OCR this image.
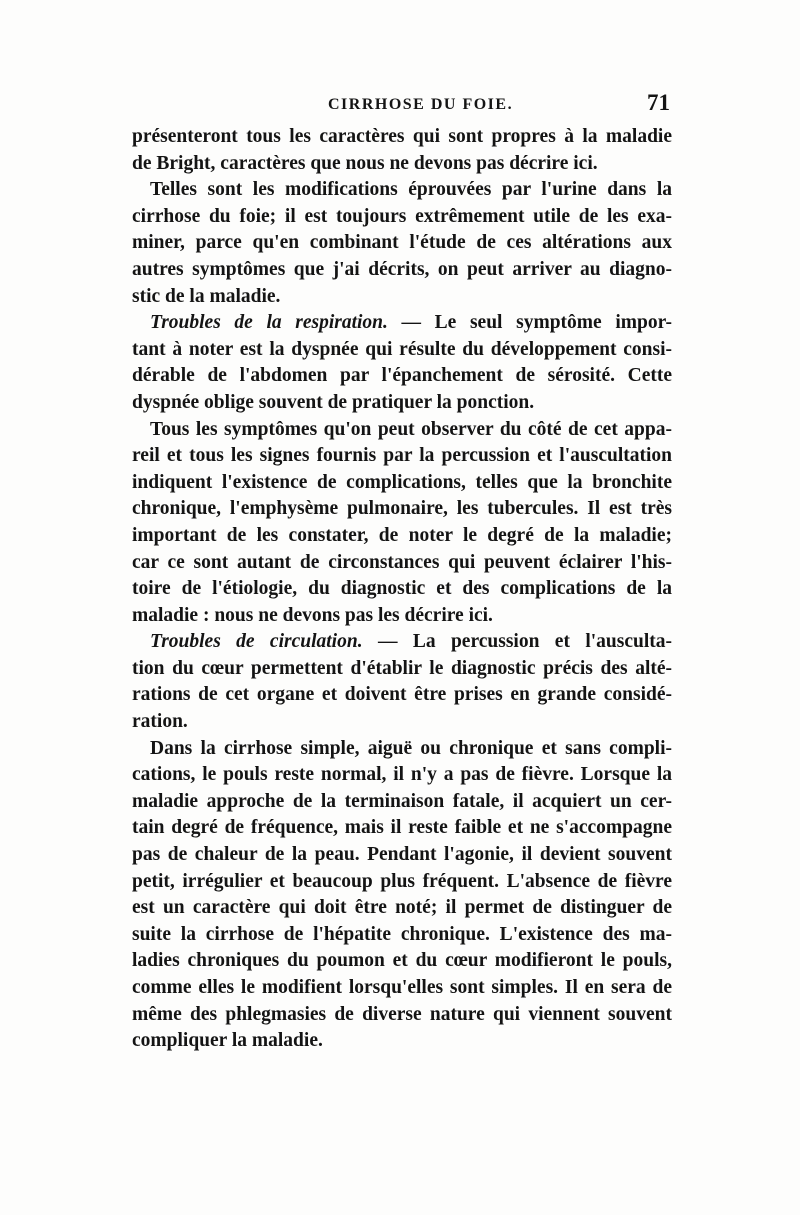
CIRRHOSE DU FOIE.	71
présenteront tous les caractères qui sont propres à la maladie
de Bright, caractères que nous ne devons pas décrire ici.
Telles sont les modifications éprouvées par l'urine dans la
cirrhose du foie; il est toujours extrêmement utile de les exa-
miner, parce qu'en combinant l'étude de ces altérations aux
autres symptômes que j'ai décrits, on peut arriver au diagno-
stic de la maladie.
Troubles de la respiration. — Le seul symptôme impor-
tant à noter est la dyspnée qui résulte du développement consi-
dérable de l'abdomen par l'épanchement de sérosité. Cette
dyspnée oblige souvent de pratiquer la ponction.
Tous les symptômes qu'on peut observer du côté de cet appa-
reil et tous les signes fournis par la percussion et l'auscultation
indiquent l'existence de complications, telles que la bronchite
chronique, l'emphysème pulmonaire, les tubercules. Il est très
important de les constater, de noter le degré de la maladie;
car ce sont autant de circonstances qui peuvent éclairer l'his-
toire de l'étiologie, du diagnostic et des complications de la
maladie : nous ne devons pas les décrire ici.
Troubles de circulation. — La percussion et l'ausculta-
tion du cœur permettent d'établir le diagnostic précis des alté-
rations de cet organe et doivent être prises en grande considé-
ration.
Dans la cirrhose simple, aiguë ou chronique et sans compli-
cations, le pouls reste normal, il n'y a pas de fièvre. Lorsque la
maladie approche de la terminaison fatale, il acquiert un cer-
tain degré de fréquence, mais il reste faible et ne s'accompagne
pas de chaleur de la peau. Pendant l'agonie, il devient souvent
petit, irrégulier et beaucoup plus fréquent. L'absence de fièvre
est un caractère qui doit être noté; il permet de distinguer de
suite la cirrhose de l'hépatite chronique. L'existence des ma-
ladies chroniques du poumon et du cœur modifieront le pouls,
comme elles le modifient lorsqu'elles sont simples. Il en sera de
même des phlegmasies de diverse nature qui viennent souvent
compliquer la maladie.
